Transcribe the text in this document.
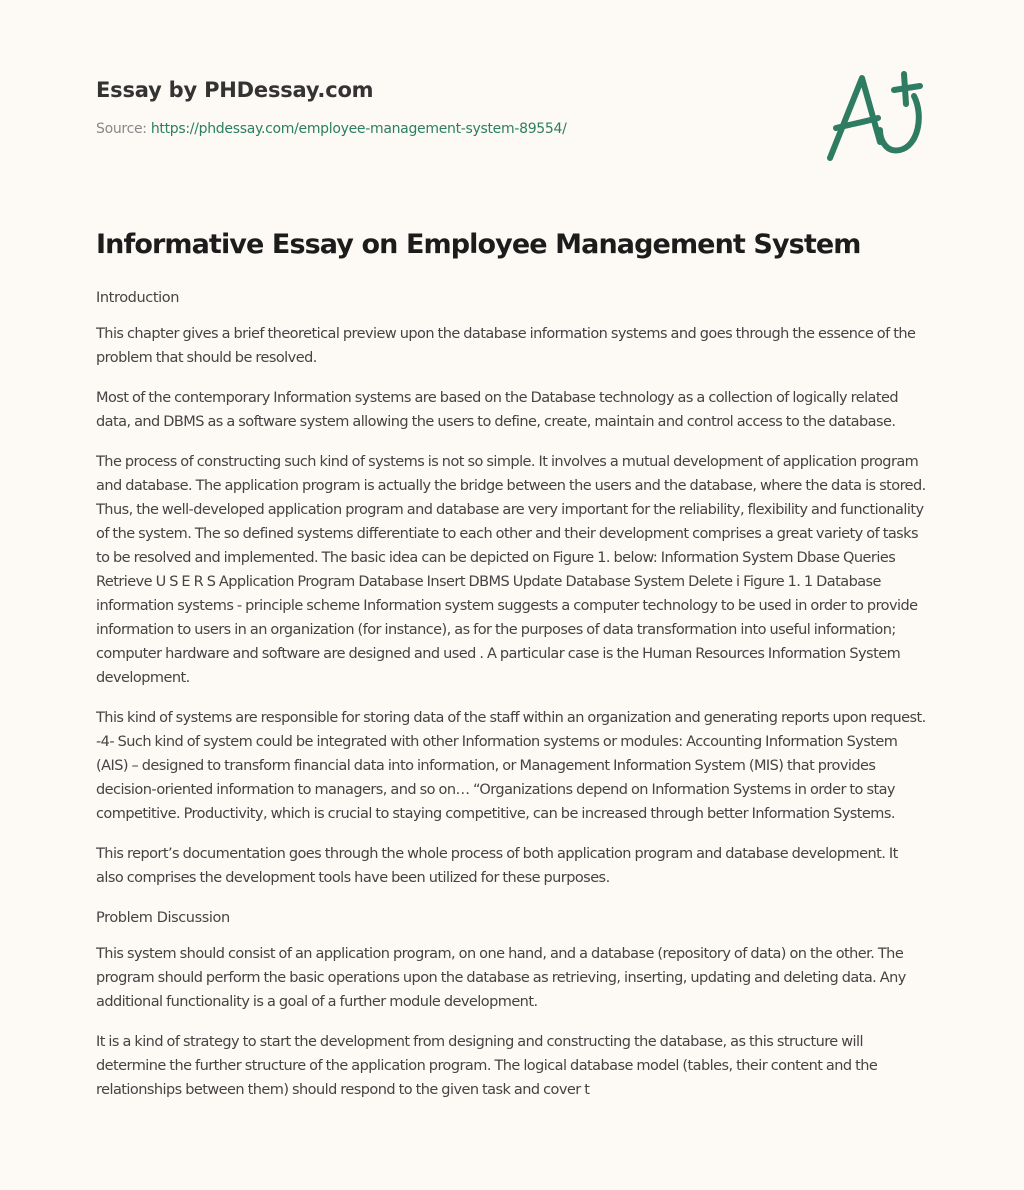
Essay by PHDessay.com
Source: https://phdessay.com/employee-management-system-89554/
Informative Essay on Employee Management System
Introduction

This chapter gives a brief theoretical preview upon the database information systems and goes through the essence of the problem that should be resolved.

Most of the contemporary Information systems are based on the Database technology as a collection of logically related data, and DBMS as a software system allowing the users to define, create, maintain and control access to the database.

The process of constructing such kind of systems is not so simple. It involves a mutual development of application program and database. The application program is actually the bridge between the users and the database, where the data is stored. Thus, the well-developed application program and database are very important for the reliability, flexibility and functionality of the system. The so defined systems differentiate to each other and their development comprises a great variety of tasks to be resolved and implemented. The basic idea can be depicted on Figure 1. below: Information System Dbase Queries Retrieve U S E R S Application Program Database Insert DBMS Update Database System Delete i Figure 1. 1 Database information systems - principle scheme Information system suggests a computer technology to be used in order to provide information to users in an organization (for instance), as for the purposes of data transformation into useful information; computer hardware and software are designed and used . A particular case is the Human Resources Information System development.

This kind of systems are responsible for storing data of the staff within an organization and generating reports upon request. -4- Such kind of system could be integrated with other Information systems or modules: Accounting Information System (AIS) – designed to transform financial data into information, or Management Information System (MIS) that provides decision-oriented information to managers, and so on… “Organizations depend on Information Systems in order to stay competitive. Productivity, which is crucial to staying competitive, can be increased through better Information Systems.

This report’s documentation goes through the whole process of both application program and database development. It also comprises the development tools have been utilized for these purposes.

Problem Discussion

This system should consist of an application program, on one hand, and a database (repository of data) on the other. The program should perform the basic operations upon the database as retrieving, inserting, updating and deleting data. Any additional functionality is a goal of a further module development.

It is a kind of strategy to start the development from designing and constructing the database, as this structure will determine the further structure of the application program. The logical database model (tables, their content and the relationships between them) should respond to the given task and cover t
